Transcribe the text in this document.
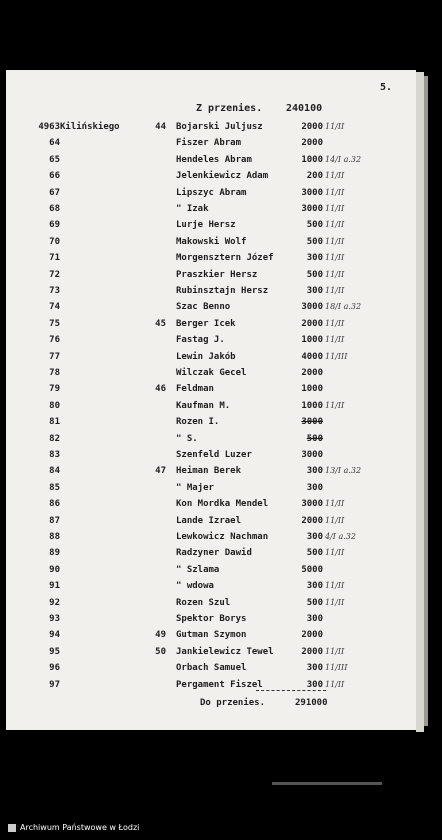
5.
Z przenies. 240100
4963 Kilińskiego	44 Bojarski Juljusz	2000 11/II
64	Fiszer Abram	2000
65	Hendeles Abram	1000 14/I a.32
66	Jelenkiewicz Adam	200 11/II
67	Lipszyc Abram	3000 11/II
68	" Izak	3000 11/II
69	Lurje Hersz	500 11/II
70	Makowski Wolf	500 11/II
71	Morgensztern Józef	300 11/II
72	Praszkier Hersz	500 11/II
73	Rubinsztajn Hersz	300 11/II
74	Szac Benno	3000 18/I a.32
75	45 Berger Icek	2000 11/II
76	Fastag J.	1000 11/II
77	Lewin Jakób	4000 11/III
78	Wilczak Gecel	2000
79	46 Feldman	1000
80	Kaufman M.	1000 11/II
81	Rozen I.	3000
82	" S.	500
83	Szenfeld Luzer	3000
84	47 Heiman Berek	300 13/I a.32
85	" Majer	300
86	Kon Mordka Mendel	3000 11/II
87	Lande Izrael	2000 11/II
88	Lewkowicz Nachman	300 4/I a.32
89	Radzyner Dawid	500 11/II
90	" Szlama	5000
91	" wdowa	300 11/II
92	Rozen Szul	500 11/II
93	Spektor Borys	300
94	49 Gutman Szymon	2000
95	50 Jankielewicz Tewel	2000 11/II
96	Orbach Samuel	300 11/III
97	Pergament Fiszel	300 11/II
Do przenies.	291000
Archiwum Państwowe w Łodzi
